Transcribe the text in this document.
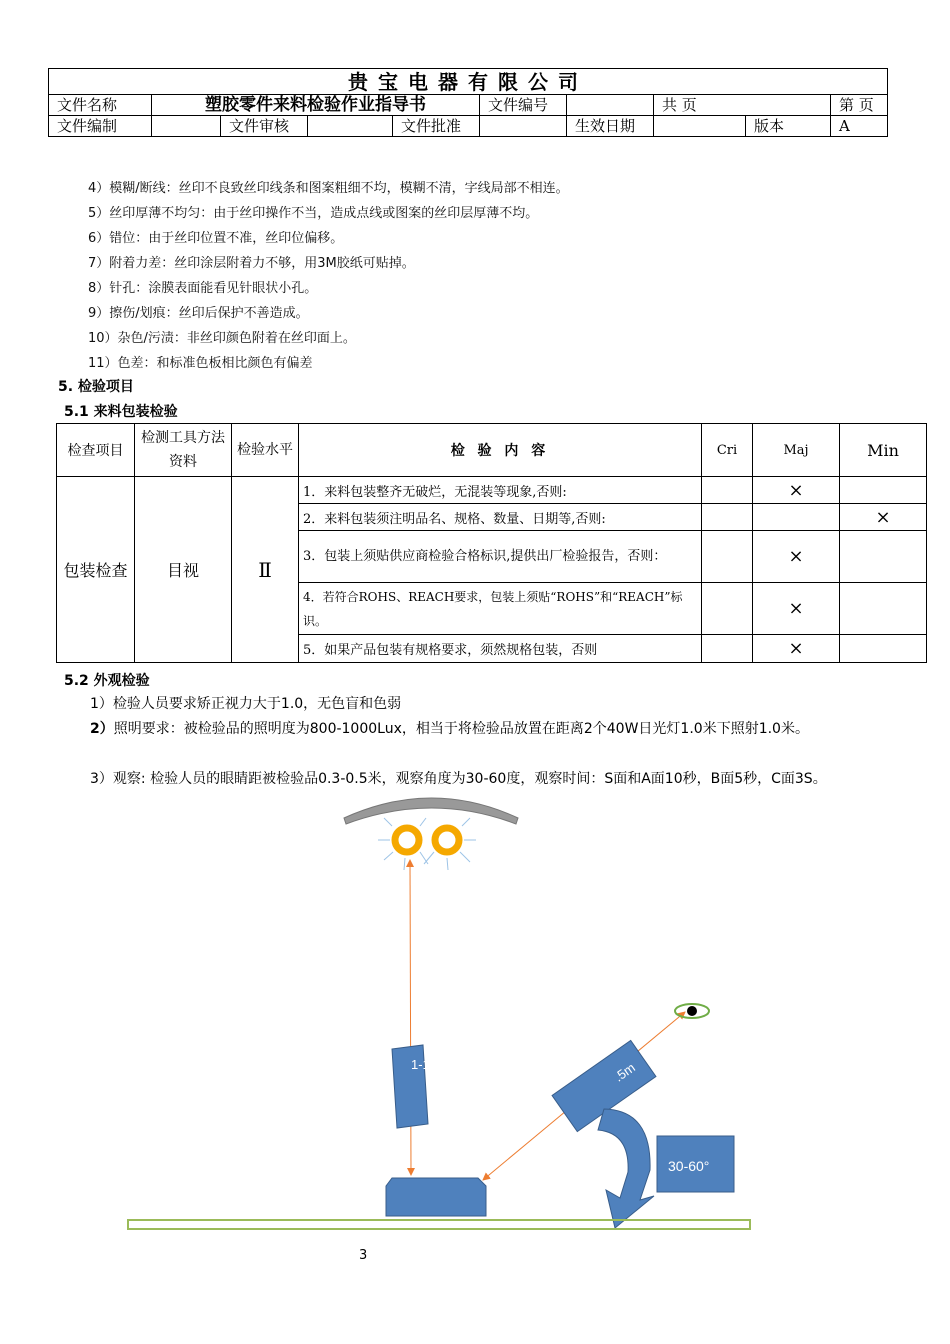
贵宝电器有限公司									
文件名称	塑胶零件来料检验作业指导书				文件编号		共 页		第 页
文件编制		文件审核		文件批准		生效日期		版本	A
4）模糊/断线：丝印不良致丝印线条和图案粗细不均，模糊不清，字线局部不相连。
5）丝印厚薄不均匀：由于丝印操作不当，造成点线或图案的丝印层厚薄不均。
6）错位：由于丝印位置不准，丝印位偏移。
7）附着力差：丝印涂层附着力不够，用3M胶纸可贴掉。
8）针孔：涂膜表面能看见针眼状小孔。
9）擦伤/划痕：丝印后保护不善造成。
10）杂色/污渍：非丝印颜色附着在丝印面上。
11）色差：和标准色板相比颜色有偏差
5. 检验项目
5.1 来料包装检验
检查项目	检测工具方法资料	检验水平	检 验 内 容	Cri	Maj	Min
包装检查	目视	Ⅱ	1．来料包装整齐无破烂，无混装等现象,否则:		×	
			2．来料包装须注明品名、规格、数量、日期等,否则:			×
			3．包装上须贴供应商检验合格标识,提供出厂检验报告，否则：		×	
			4．若符合ROHS、REACH要求，包装上须贴“ROHS”和“REACH”标识。		×	
			5．如果产品包装有规格要求，须然规格包装，否则		×	
5.2 外观检验
1）检验人员要求矫正视力大于1.0，无色盲和色弱
2）照明要求：被检验品的照明度为800-1000Lux，相当于将检验品放置在距离2个40W日光灯1.0米下照射1.0米。
3）观察: 检验人员的眼睛距被检验品0.3-0.5米，观察角度为30-60度，观察时间：S面和A面10秒，B面5秒，C面3S。
1-1	.5m
30-60°
3
